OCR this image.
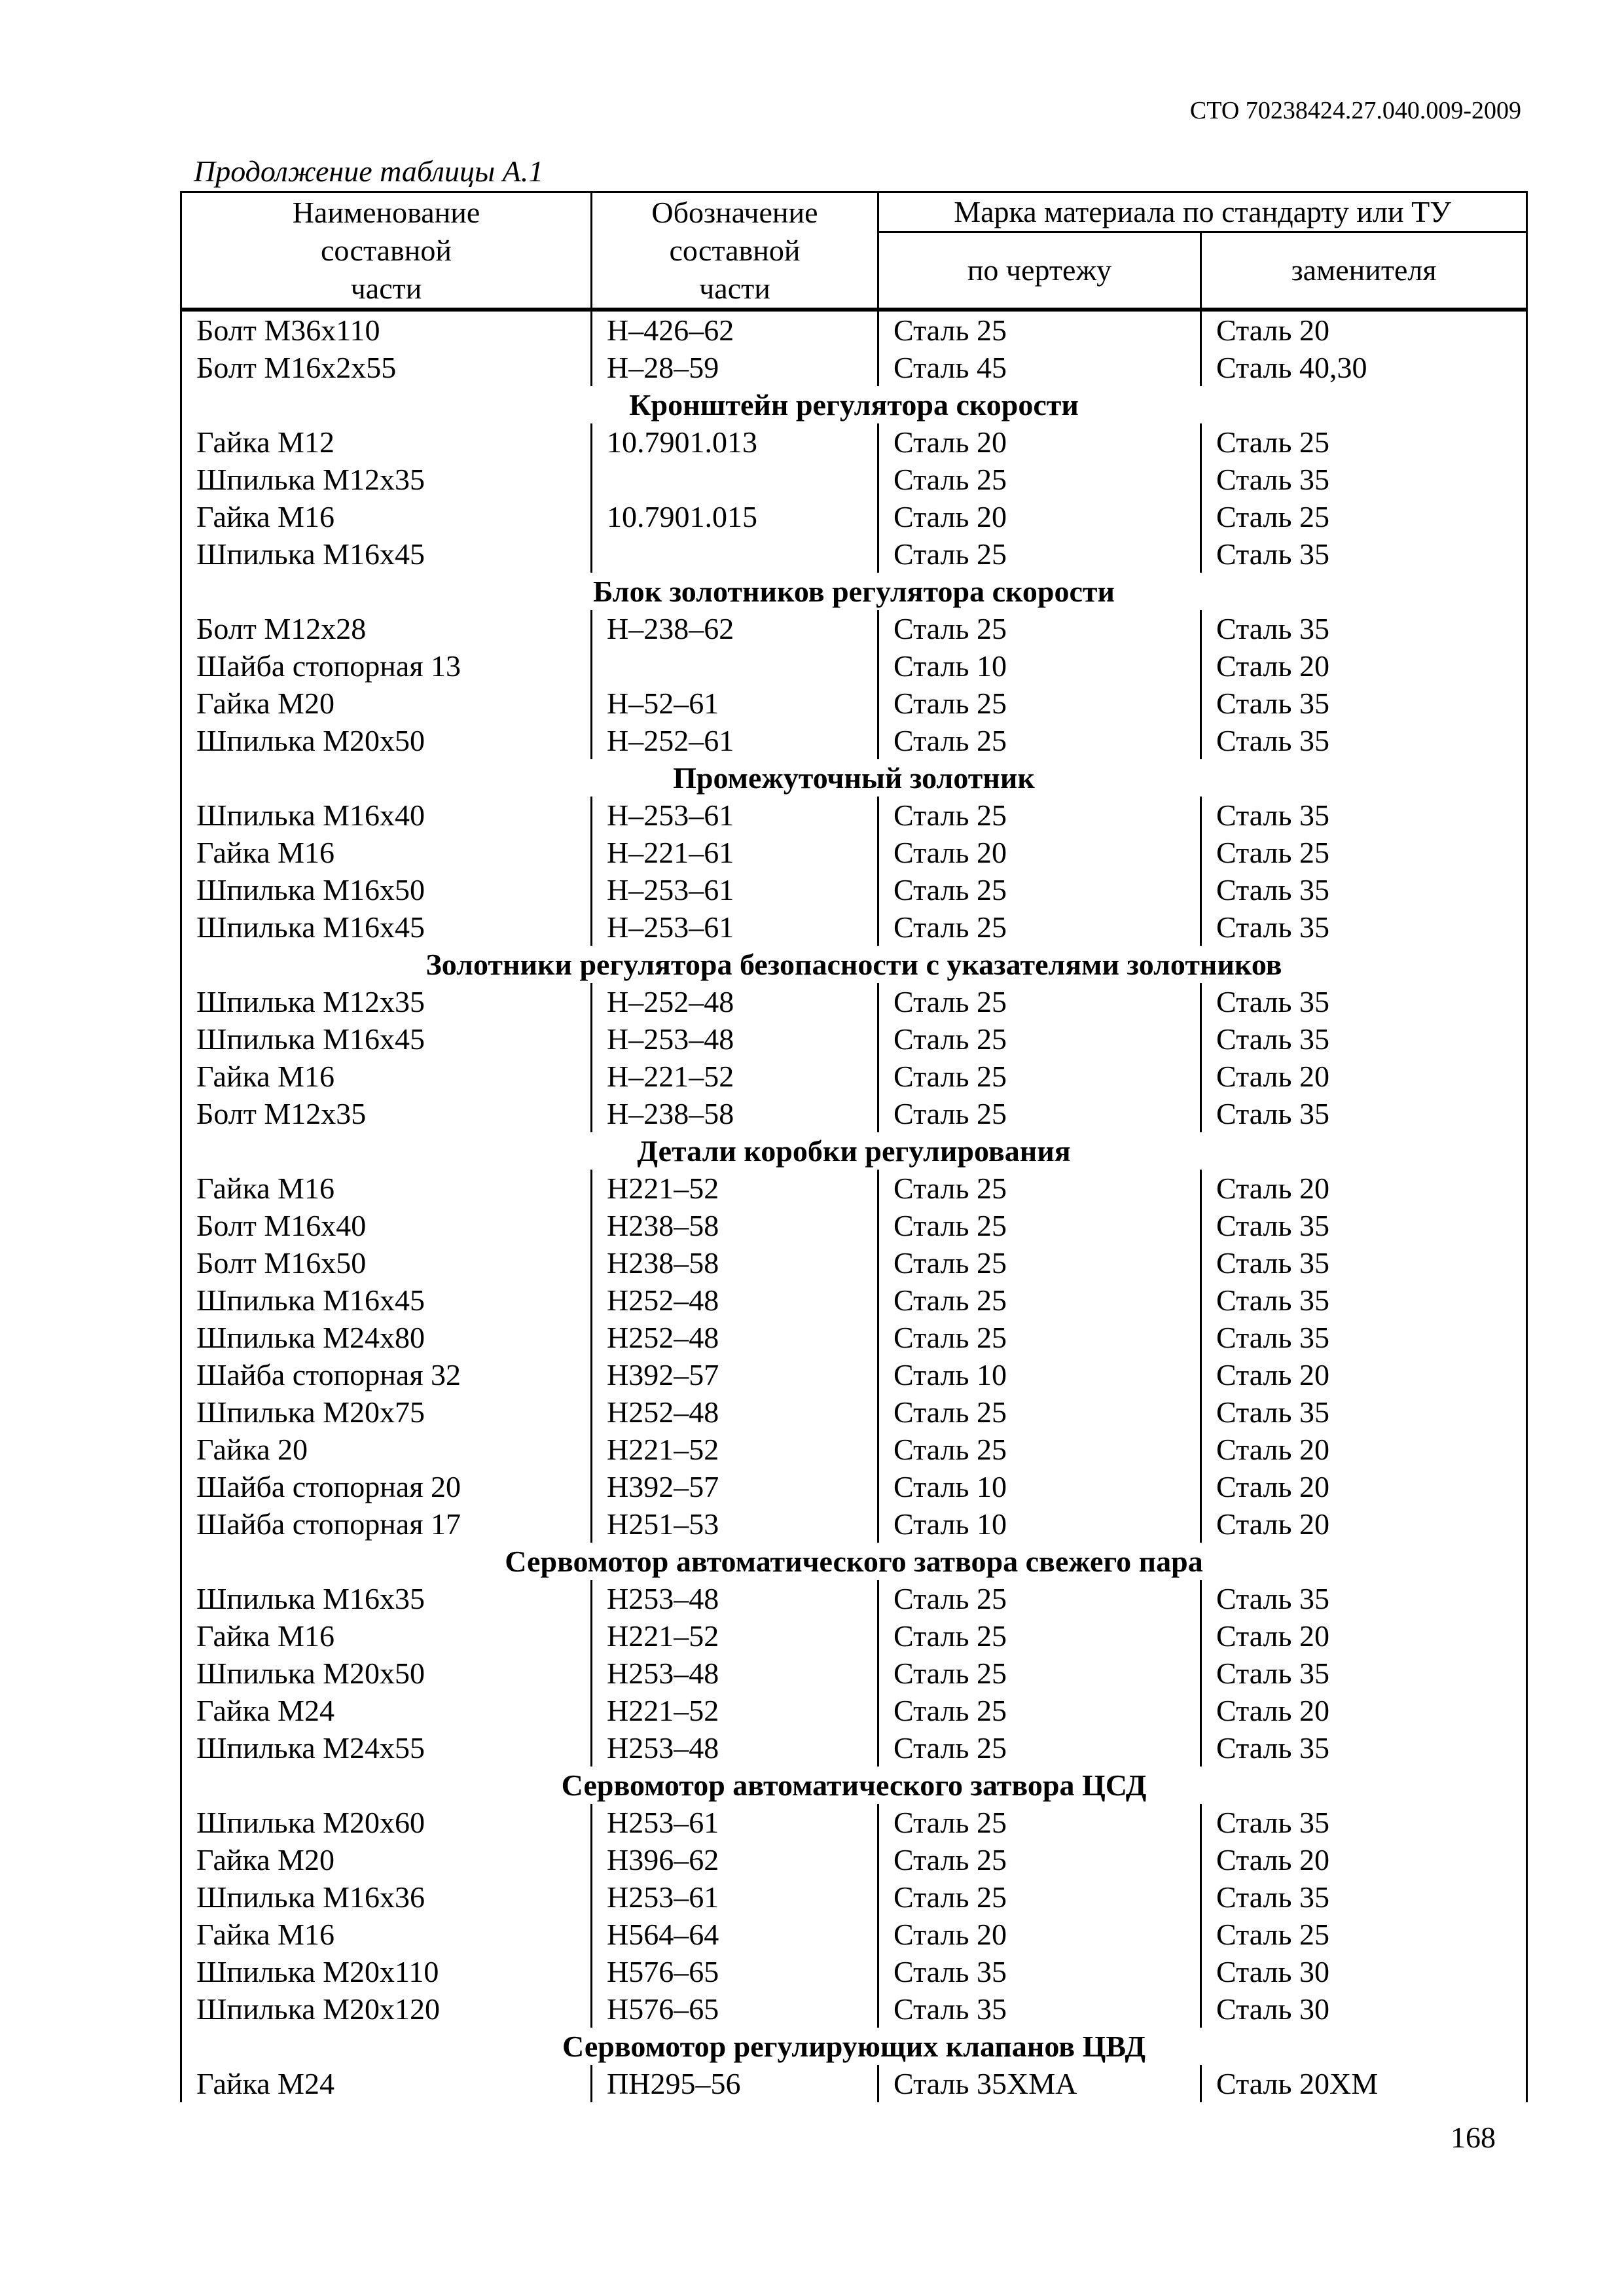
СТО 70238424.27.040.009-2009
Продолжение таблицы А.1
Наименование
составной
части	Обозначение
составной
части	Марка материала по стандарту или ТУ	
		по чертежу	заменителя
Болт М36х110	Н–426–62	Сталь 25	Сталь 20
Болт М16х2х55	Н–28–59	Сталь 45	Сталь 40,30
Кронштейн регулятора скорости			
Гайка М12	10.7901.013	Сталь 20	Сталь 25
Шпилька М12х35		Сталь 25	Сталь 35
Гайка М16	10.7901.015	Сталь 20	Сталь 25
Шпилька М16х45		Сталь 25	Сталь 35
Блок золотников регулятора скорости			
Болт М12х28	Н–238–62	Сталь 25	Сталь 35
Шайба стопорная 13		Сталь 10	Сталь 20
Гайка М20	Н–52–61	Сталь 25	Сталь 35
Шпилька М20х50	Н–252–61	Сталь 25	Сталь 35
Промежуточный золотник			
Шпилька М16х40	Н–253–61	Сталь 25	Сталь 35
Гайка М16	Н–221–61	Сталь 20	Сталь 25
Шпилька М16х50	Н–253–61	Сталь 25	Сталь 35
Шпилька М16х45	Н–253–61	Сталь 25	Сталь 35
Золотники регулятора безопасности с указателями золотников			
Шпилька М12х35	Н–252–48	Сталь 25	Сталь 35
Шпилька М16х45	Н–253–48	Сталь 25	Сталь 35
Гайка М16	Н–221–52	Сталь 25	Сталь 20
Болт М12х35	Н–238–58	Сталь 25	Сталь 35
Детали коробки регулирования			
Гайка М16	Н221–52	Сталь 25	Сталь 20
Болт М16х40	Н238–58	Сталь 25	Сталь 35
Болт М16х50	Н238–58	Сталь 25	Сталь 35
Шпилька М16х45	Н252–48	Сталь 25	Сталь 35
Шпилька М24х80	Н252–48	Сталь 25	Сталь 35
Шайба стопорная 32	Н392–57	Сталь 10	Сталь 20
Шпилька М20х75	Н252–48	Сталь 25	Сталь 35
Гайка 20	Н221–52	Сталь 25	Сталь 20
Шайба стопорная 20	Н392–57	Сталь 10	Сталь 20
Шайба стопорная 17	Н251–53	Сталь 10	Сталь 20
Сервомотор автоматического затвора свежего пара			
Шпилька М16х35	Н253–48	Сталь 25	Сталь 35
Гайка М16	Н221–52	Сталь 25	Сталь 20
Шпилька М20х50	Н253–48	Сталь 25	Сталь 35
Гайка М24	Н221–52	Сталь 25	Сталь 20
Шпилька М24х55	Н253–48	Сталь 25	Сталь 35
Сервомотор автоматического затвора ЦСД			
Шпилька М20х60	Н253–61	Сталь 25	Сталь 35
Гайка М20	Н396–62	Сталь 25	Сталь 20
Шпилька М16х36	Н253–61	Сталь 25	Сталь 35
Гайка М16	Н564–64	Сталь 20	Сталь 25
Шпилька М20х110	Н576–65	Сталь 35	Сталь 30
Шпилька М20х120	Н576–65	Сталь 35	Сталь 30
Сервомотор регулирующих клапанов ЦВД			
Гайка М24	ПН295–56	Сталь 35ХМА	Сталь 20ХМ
168
